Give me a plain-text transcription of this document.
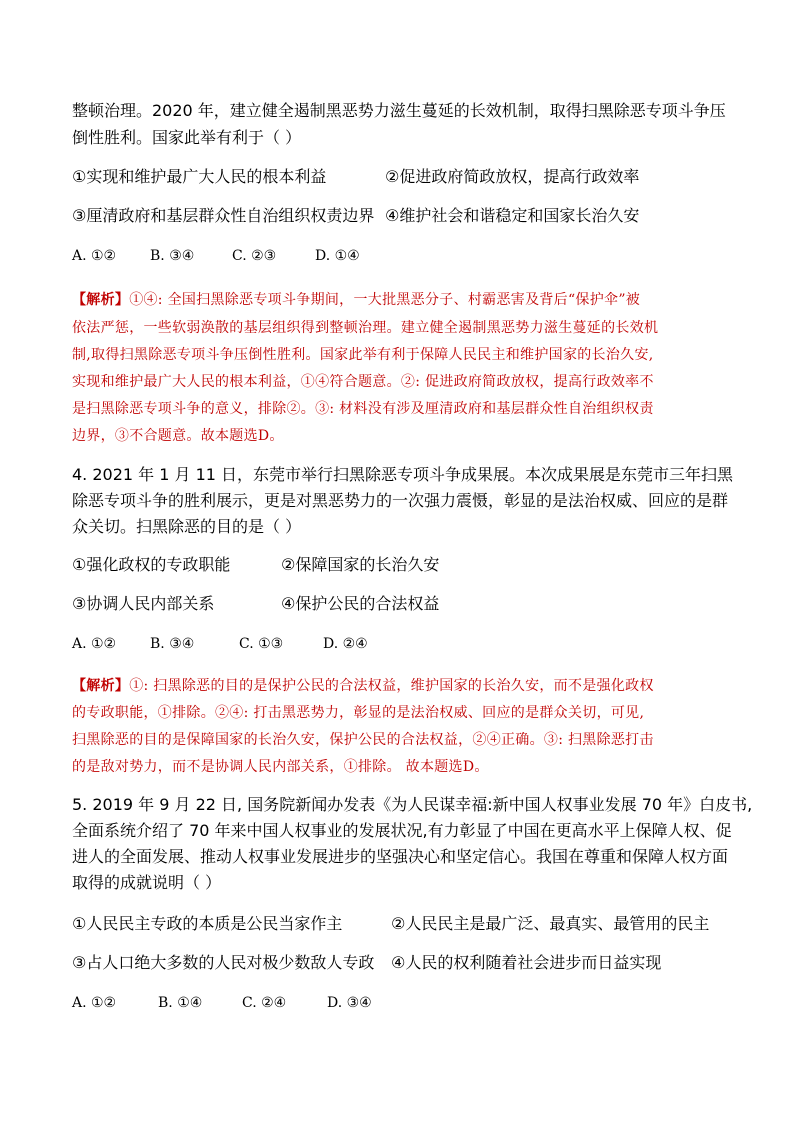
整顿治理。2020 年，建立健全遏制黑恶势力滋生蔓延的长效机制，取得扫黑除恶专项斗争压
倒性胜利。国家此举有利于（ ）
①实现和维护最广大人民的根本利益	②促进政府简政放权，提高行政效率
③厘清政府和基层群众性自治组织权责边界 ④维护社会和谐稳定和国家长治久安
A. ①② B. ③④	C. ②③	D. ①④
【解析】①④: 全国扫黑除恶专项斗争期间，一大批黑恶分子、村霸恶害及背后“保护伞”被
依法严惩，一些软弱涣散的基层组织得到整顿治理。建立健全遏制黑恶势力滋生蔓延的长效机
制,取得扫黑除恶专项斗争压倒性胜利。国家此举有利于保障人民民主和维护国家的长治久安,
实现和维护最广大人民的根本利益，①④符合题意。②: 促进政府简政放权，提高行政效率不
是扫黑除恶专项斗争的意义，排除②。③: 材料没有涉及厘清政府和基层群众性自治组织权责
边界，③不合题意。故本题选D。
4. 2021 年 1 月 11 日，东莞市举行扫黑除恶专项斗争成果展。本次成果展是东莞市三年扫黑
除恶专项斗争的胜利展示，更是对黑恶势力的一次强力震慑，彰显的是法治权威、回应的是群
众关切。扫黑除恶的目的是（ ）
①强化政权的专政职能	②保障国家的长治久安
③协调人民内部关系	④保护公民的合法权益
A. ①② B. ③④	C. ①③	D. ②④
【解析】①: 扫黑除恶的目的是保护公民的合法权益，维护国家的长治久安，而不是强化政权
的专政职能，①排除。②④: 打击黑恶势力，彰显的是法治权威、回应的是群众关切，可见,
扫黑除恶的目的是保障国家的长治久安，保护公民的合法权益，②④正确。③: 扫黑除恶打击
的是敌对势力，而不是协调人民内部关系，①排除。 故本题选D。
5. 2019 年 9 月 22 日, 国务院新闻办发表《为人民谋幸福:新中国人权事业发展 70 年》白皮书,
全面系统介绍了 70 年来中国人权事业的发展状况,有力彰显了中国在更高水平上保障人权、促
进人的全面发展、推动人权事业发展进步的坚强决心和坚定信心。我国在尊重和保障人权方面
取得的成就说明（ ）
①人民民主专政的本质是公民当家作主	②人民民主是最广泛、最真实、最管用的民主
③占人口绝大多数的人民对极少数敌人专政 ④人民的权利随着社会进步而日益实现
A. ①②	B. ①④	C. ②④	D. ③④
